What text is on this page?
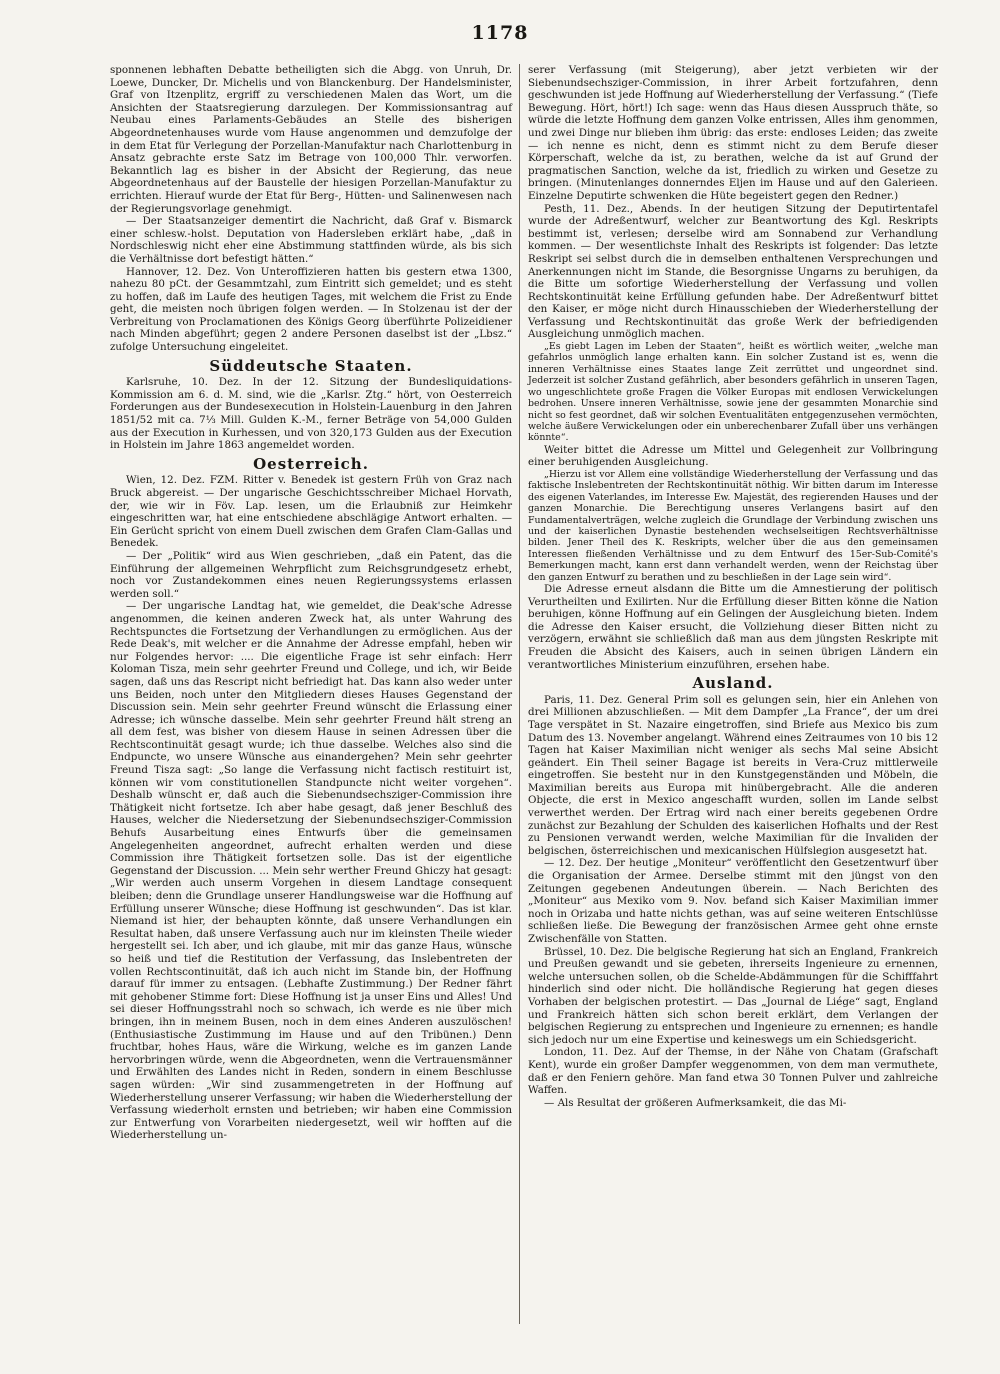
1178

sponnenen lebhaften Debatte betheiligten sich die Abgg. von Unruh, Dr. Loewe, Duncker, Dr. Michelis und von Blanckenburg. Der Handelsminister, Graf von Itzenplitz, ergriff zu verschiedenen Malen das Wort, um die Ansichten der Staatsregierung darzulegen. Der Kommissionsantrag auf Neubau eines Parlaments-Gebäudes an Stelle des bisherigen Abgeordnetenhauses wurde vom Hause angenommen und demzufolge der in dem Etat für Verlegung der Porzellan-Manufaktur nach Charlottenburg in Ansatz gebrachte erste Satz im Betrage von 100,000 Thlr. verworfen. Bekanntlich lag es bisher in der Absicht der Regierung, das neue Abgeordnetenhaus auf der Baustelle der hiesigen Porzellan-Manufaktur zu errichten. Hierauf wurde der Etat für Berg-, Hütten- und Salinenwesen nach der Regierungsvorlage genehmigt.

— Der Staatsanzeiger dementirt die Nachricht, daß Graf v. Bismarck einer schlesw.-holst. Deputation von Hadersleben erklärt habe, „daß in Nordschleswig nicht eher eine Abstimmung stattfinden würde, als bis sich die Verhältnisse dort befestigt hätten.“

Hannover, 12. Dez. Von Unteroffizieren hatten bis gestern etwa 1300, nahezu 80 pCt. der Gesammtzahl, zum Eintritt sich gemeldet; und es steht zu hoffen, daß im Laufe des heutigen Tages, mit welchem die Frist zu Ende geht, die meisten noch übrigen folgen werden. — In Stolzenau ist der der Verbreitung von Proclamationen des Königs Georg überführte Polizeidiener nach Minden abgeführt; gegen 2 andere Personen daselbst ist der „Lbsz.“ zufolge Untersuchung eingeleitet.

Süddeutsche Staaten.

Karlsruhe, 10. Dez. In der 12. Sitzung der Bundesliquidations-Kommission am 6. d. M. sind, wie die „Karlsr. Ztg.“ hört, von Oesterreich Forderungen aus der Bundesexecution in Holstein-Lauenburg in den Jahren 1851/52 mit ca. 7⅓ Mill. Gulden K.-M., ferner Beträge von 54,000 Gulden aus der Execution in Kurhessen, und von 320,173 Gulden aus der Execution in Holstein im Jahre 1863 angemeldet worden.

Oesterreich.

Wien, 12. Dez. FZM. Ritter v. Benedek ist gestern Früh von Graz nach Bruck abgereist. — Der ungarische Geschichtsschreiber Michael Horvath, der, wie wir in Föv. Lap. lesen, um die Erlaubniß zur Heimkehr eingeschritten war, hat eine entschiedene abschlägige Antwort erhalten. — Ein Gerücht spricht von einem Duell zwischen dem Grafen Clam-Gallas und Benedek.

— Der „Politik“ wird aus Wien geschrieben, „daß ein Patent, das die Einführung der allgemeinen Wehrpflicht zum Reichsgrundgesetz erhebt, noch vor Zustandekommen eines neuen Regierungssystems erlassen werden soll.“

— Der ungarische Landtag hat, wie gemeldet, die Deak'sche Adresse angenommen, die keinen anderen Zweck hat, als unter Wahrung des Rechtspunctes die Fortsetzung der Verhandlungen zu ermöglichen. Aus der Rede Deak's, mit welcher er die Annahme der Adresse empfahl, heben wir nur Folgendes hervor: .... Die eigentliche Frage ist sehr einfach: Herr Koloman Tisza, mein sehr geehrter Freund und College, und ich, wir Beide sagen, daß uns das Rescript nicht befriedigt hat. Das kann also weder unter uns Beiden, noch unter den Mitgliedern dieses Hauses Gegenstand der Discussion sein. Mein sehr geehrter Freund wünscht die Erlassung einer Adresse; ich wünsche dasselbe. Mein sehr geehrter Freund hält streng an all dem fest, was bisher von diesem Hause in seinen Adressen über die Rechtscontinuität gesagt wurde; ich thue dasselbe. Welches also sind die Endpuncte, wo unsere Wünsche aus einandergehen? Mein sehr geehrter Freund Tisza sagt: „So lange die Verfassung nicht factisch restituirt ist, können wir vom constitutionellen Standpuncte nicht weiter vorgehen“. Deshalb wünscht er, daß auch die Siebenundsechsziger-Commission ihre Thätigkeit nicht fortsetze. Ich aber habe gesagt, daß jener Beschluß des Hauses, welcher die Niedersetzung der Siebenundsechsziger-Commission Behufs Ausarbeitung eines Entwurfs über die gemeinsamen Angelegenheiten angeordnet, aufrecht erhalten werden und diese Commission ihre Thätigkeit fortsetzen solle. Das ist der eigentliche Gegenstand der Discussion. ... Mein sehr werther Freund Ghiczy hat gesagt: „Wir werden auch unserm Vorgehen in diesem Landtage consequent bleiben; denn die Grundlage unserer Handlungsweise war die Hoffnung auf Erfüllung unserer Wünsche; diese Hoffnung ist geschwunden“. Das ist klar. Niemand ist hier, der behaupten könnte, daß unsere Verhandlungen ein Resultat haben, daß unsere Verfassung auch nur im kleinsten Theile wieder hergestellt sei. Ich aber, und ich glaube, mit mir das ganze Haus, wünsche so heiß und tief die Restitution der Verfassung, das Inslebentreten der vollen Rechtscontinuität, daß ich auch nicht im Stande bin, der Hoffnung darauf für immer zu entsagen. (Lebhafte Zustimmung.) Der Redner fährt mit gehobener Stimme fort: Diese Hoffnung ist ja unser Eins und Alles! Und sei dieser Hoffnungsstrahl noch so schwach, ich werde es nie über mich bringen, ihn in meinem Busen, noch in dem eines Anderen auszulöschen! (Enthusiastische Zustimmung im Hause und auf den Tribünen.) Denn fruchtbar, hohes Haus, wäre die Wirkung, welche es im ganzen Lande hervorbringen würde, wenn die Abgeordneten, wenn die Vertrauensmänner und Erwählten des Landes nicht in Reden, sondern in einem Beschlusse sagen würden: „Wir sind zusammengetreten in der Hoffnung auf Wiederherstellung unserer Verfassung; wir haben die Wiederherstellung der Verfassung wiederholt ernsten und betrieben; wir haben eine Commission zur Entwerfung von Vorarbeiten niedergesetzt, weil wir hofften auf die Wiederherstellung un-

serer Verfassung (mit Steigerung), aber jetzt verbieten wir der Siebenundsechsziger-Commission, in ihrer Arbeit fortzufahren, denn geschwunden ist jede Hoffnung auf Wiederherstellung der Verfassung.“ (Tiefe Bewegung. Hört, hört!) Ich sage: wenn das Haus diesen Ausspruch thäte, so würde die letzte Hoffnung dem ganzen Volke entrissen, Alles ihm genommen, und zwei Dinge nur blieben ihm übrig: das erste: endloses Leiden; das zweite — ich nenne es nicht, denn es stimmt nicht zu dem Berufe dieser Körperschaft, welche da ist, zu berathen, welche da ist auf Grund der pragmatischen Sanction, welche da ist, friedlich zu wirken und Gesetze zu bringen. (Minutenlanges donnerndes Eljen im Hause und auf den Galerieen. Einzelne Deputirte schwenken die Hüte begeistert gegen den Redner.)

Pesth, 11. Dez., Abends. In der heutigen Sitzung der Deputirtentafel wurde der Adreßentwurf, welcher zur Beantwortung des Kgl. Reskripts bestimmt ist, verlesen; derselbe wird am Sonnabend zur Verhandlung kommen. — Der wesentlichste Inhalt des Reskripts ist folgender: Das letzte Reskript sei selbst durch die in demselben enthaltenen Versprechungen und Anerkennungen nicht im Stande, die Besorgnisse Ungarns zu beruhigen, da die Bitte um sofortige Wiederherstellung der Verfassung und vollen Rechtskontinuität keine Erfüllung gefunden habe. Der Adreßentwurf bittet den Kaiser, er möge nicht durch Hinausschieben der Wiederherstellung der Verfassung und Rechtskontinuität das große Werk der befriedigenden Ausgleichung unmöglich machen.

„Es giebt Lagen im Leben der Staaten“, heißt es wörtlich weiter, „welche man gefahrlos unmöglich lange erhalten kann. Ein solcher Zustand ist es, wenn die inneren Verhältnisse eines Staates lange Zeit zerrüttet und ungeordnet sind. Jederzeit ist solcher Zustand gefährlich, aber besonders gefährlich in unseren Tagen, wo ungeschlichtete große Fragen die Völker Europas mit endlosen Verwickelungen bedrohen. Unsere inneren Verhältnisse, sowie jene der gesammten Monarchie sind nicht so fest geordnet, daß wir solchen Eventualitäten entgegenzusehen vermöchten, welche äußere Verwickelungen oder ein unberechenbarer Zufall über uns verhängen könnte“.

Weiter bittet die Adresse um Mittel und Gelegenheit zur Vollbringung einer beruhigenden Ausgleichung.

„Hierzu ist vor Allem eine vollständige Wiederherstellung der Verfassung und das faktische Inslebentreten der Rechtskontinuität nöthig. Wir bitten darum im Interesse des eigenen Vaterlandes, im Interesse Ew. Majestät, des regierenden Hauses und der ganzen Monarchie. Die Berechtigung unseres Verlangens basirt auf den Fundamentalverträgen, welche zugleich die Grundlage der Verbindung zwischen uns und der kaiserlichen Dynastie bestehenden wechselseitigen Rechtsverhältnisse bilden. Jener Theil des K. Reskripts, welcher über die aus den gemeinsamen Interessen fließenden Verhältnisse und zu dem Entwurf des 15er-Sub-Comité's Bemerkungen macht, kann erst dann verhandelt werden, wenn der Reichstag über den ganzen Entwurf zu berathen und zu beschließen in der Lage sein wird“.

Die Adresse erneut alsdann die Bitte um die Amnestierung der politisch Verurtheilten und Exilirten. Nur die Erfüllung dieser Bitten könne die Nation beruhigen, könne Hoffnung auf ein Gelingen der Ausgleichung bieten. Indem die Adresse den Kaiser ersucht, die Vollziehung dieser Bitten nicht zu verzögern, erwähnt sie schließlich daß man aus dem jüngsten Reskripte mit Freuden die Absicht des Kaisers, auch in seinen übrigen Ländern ein verantwortliches Ministerium einzuführen, ersehen habe.

Ausland.

Paris, 11. Dez. General Prim soll es gelungen sein, hier ein Anlehen von drei Millionen abzuschließen. — Mit dem Dampfer „La France“, der um drei Tage verspätet in St. Nazaire eingetroffen, sind Briefe aus Mexico bis zum Datum des 13. November angelangt. Während eines Zeitraumes von 10 bis 12 Tagen hat Kaiser Maximilian nicht weniger als sechs Mal seine Absicht geändert. Ein Theil seiner Bagage ist bereits in Vera-Cruz mittlerweile eingetroffen. Sie besteht nur in den Kunstgegenständen und Möbeln, die Maximilian bereits aus Europa mit hinübergebracht. Alle die anderen Objecte, die erst in Mexico angeschafft wurden, sollen im Lande selbst verwerthet werden. Der Ertrag wird nach einer bereits gegebenen Ordre zunächst zur Bezahlung der Schulden des kaiserlichen Hofhalts und der Rest zu Pensionen verwandt werden, welche Maximilian für die Invaliden der belgischen, österreichischen und mexicanischen Hülfslegion ausgesetzt hat.

— 12. Dez. Der heutige „Moniteur“ veröffentlicht den Gesetzentwurf über die Organisation der Armee. Derselbe stimmt mit den jüngst von den Zeitungen gegebenen Andeutungen überein. — Nach Berichten des „Moniteur“ aus Mexiko vom 9. Nov. befand sich Kaiser Maximilian immer noch in Orizaba und hatte nichts gethan, was auf seine weiteren Entschlüsse schließen ließe. Die Bewegung der französischen Armee geht ohne ernste Zwischenfälle von Statten.

Brüssel, 10. Dez. Die belgische Regierung hat sich an England, Frankreich und Preußen gewandt und sie gebeten, ihrerseits Ingenieure zu ernennen, welche untersuchen sollen, ob die Schelde-Abdämmungen für die Schifffahrt hinderlich sind oder nicht. Die holländische Regierung hat gegen dieses Vorhaben der belgischen protestirt. — Das „Journal de Liége“ sagt, England und Frankreich hätten sich schon bereit erklärt, dem Verlangen der belgischen Regierung zu entsprechen und Ingenieure zu ernennen; es handle sich jedoch nur um eine Expertise und keineswegs um ein Schiedsgericht.

London, 11. Dez. Auf der Themse, in der Nähe von Chatam (Grafschaft Kent), wurde ein großer Dampfer weggenommen, von dem man vermuthete, daß er den Feniern gehöre. Man fand etwa 30 Tonnen Pulver und zahlreiche Waffen.

— Als Resultat der größeren Aufmerksamkeit, die das Mi-
